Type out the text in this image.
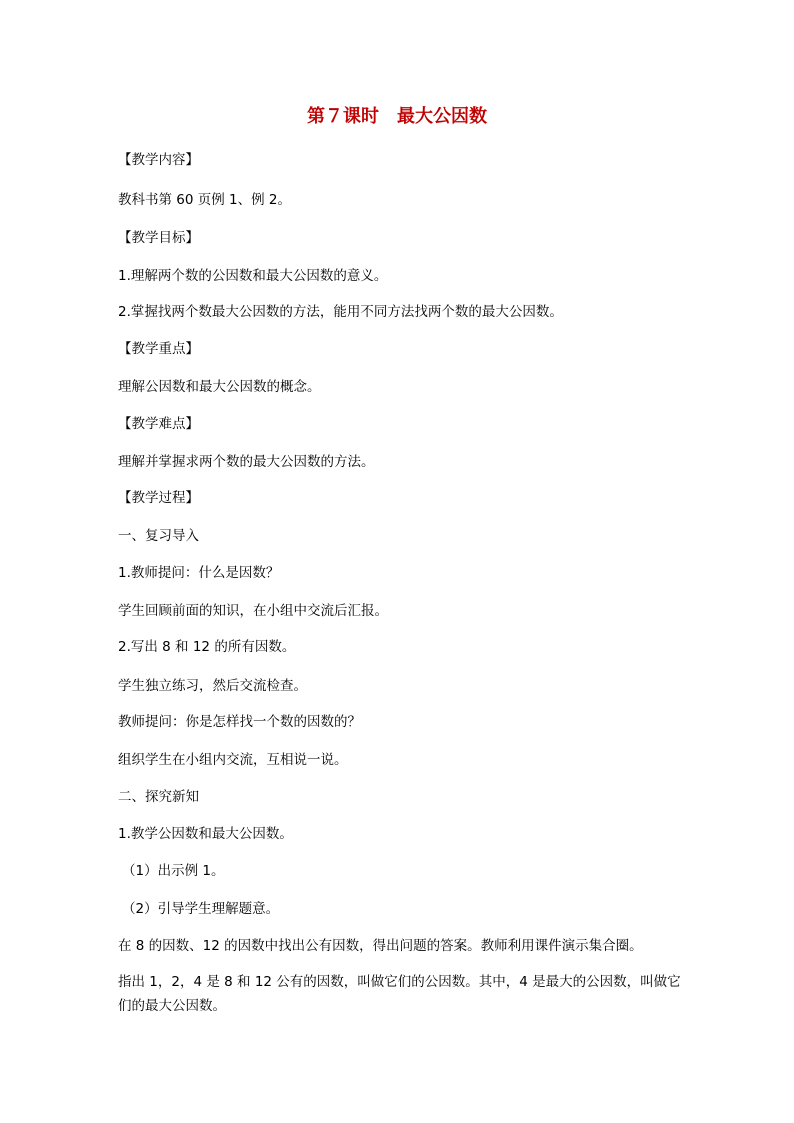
第７课时　最大公因数
【教学内容】
教科书第 60 页例 1、例 2。
【教学目标】
1.理解两个数的公因数和最大公因数的意义。
2.掌握找两个数最大公因数的方法，能用不同方法找两个数的最大公因数。
【教学重点】
理解公因数和最大公因数的概念。
【教学难点】
理解并掌握求两个数的最大公因数的方法。
【教学过程】
一、复习导入
1.教师提问：什么是因数？
学生回顾前面的知识，在小组中交流后汇报。
2.写出 8 和 12 的所有因数。
学生独立练习，然后交流检查。
教师提问：你是怎样找一个数的因数的？
组织学生在小组内交流，互相说一说。
二、探究新知
1.教学公因数和最大公因数。
（1）出示例 1。
（2）引导学生理解题意。
在 8 的因数、12 的因数中找出公有因数，得出问题的答案。教师利用课件演示集合圈。
指出 1，2，4 是 8 和 12 公有的因数，叫做它们的公因数。其中，4 是最大的公因数，叫做它们的最大公因数。
